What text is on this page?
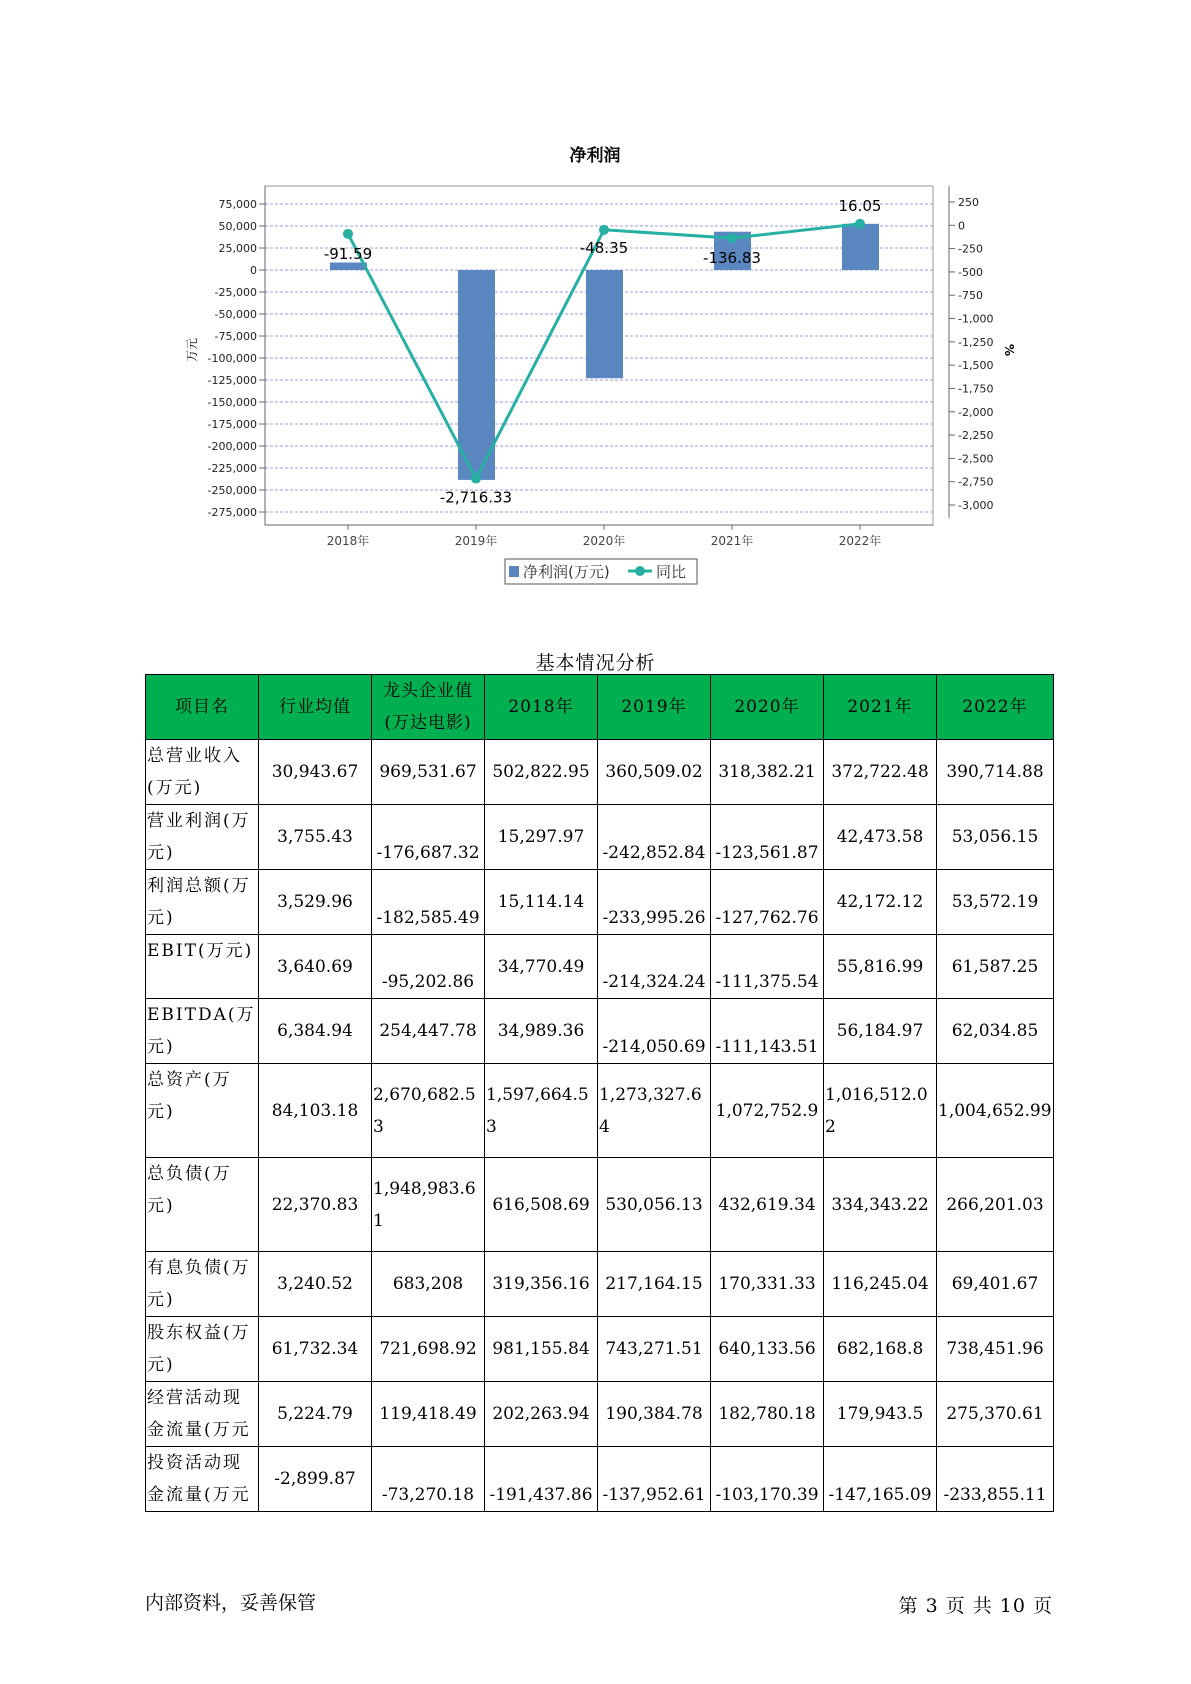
净利润
75,000
50,000
25,000
0
-25,000
-50,000
-75,000
-100,000
-125,000
-150,000
-175,000
-200,000
-225,000
-250,000
-275,000
250
0
-250
-500
-750
-1,000
-1,250
-1,500
-1,750
-2,000
-2,250
-2,500
-2,750
-3,000
万元	%
2018年	2019年	2020年	2021年	2022年
-91.59
-2,716.33
-48.35
-136.83
16.05
净利润(万元)	同比
基本情况分析
项目名	行业均值	龙头企业值(万达电影)	2018年	2019年	2020年	2021年	2022年
总营业收入(万元)	30,943.67	969,531.67	502,822.95	360,509.02	318,382.21	372,722.48	390,714.88
营业利润(万元)	3,755.43	-176,687.32	15,297.97	-242,852.84	-123,561.87	42,473.58	53,056.15
利润总额(万元)	3,529.96	-182,585.49	15,114.14	-233,995.26	-127,762.76	42,172.12	53,572.19
EBIT(万元)	3,640.69	-95,202.86	34,770.49	-214,324.24	-111,375.54	55,816.99	61,587.25
EBITDA(万元)	6,384.94	254,447.78	34,989.36	-214,050.69	-111,143.51	56,184.97	62,034.85
总资产(万元)	84,103.18	2,670,682.53	1,597,664.53	1,273,327.64	1,072,752.9	1,016,512.02	1,004,652.99
总负债(万元)	22,370.83	1,948,983.61	616,508.69	530,056.13	432,619.34	334,343.22	266,201.03
有息负债(万元)	3,240.52	683,208	319,356.16	217,164.15	170,331.33	116,245.04	69,401.67
股东权益(万元)	61,732.34	721,698.92	981,155.84	743,271.51	640,133.56	682,168.8	738,451.96
经营活动现金流量(万元	5,224.79	119,418.49	202,263.94	190,384.78	182,780.18	179,943.5	275,370.61
投资活动现金流量(万元	-2,899.87	-73,270.18	-191,437.86	-137,952.61	-103,170.39	-147,165.09	-233,855.11
内部资料，妥善保管	第 3 页 共 10 页
